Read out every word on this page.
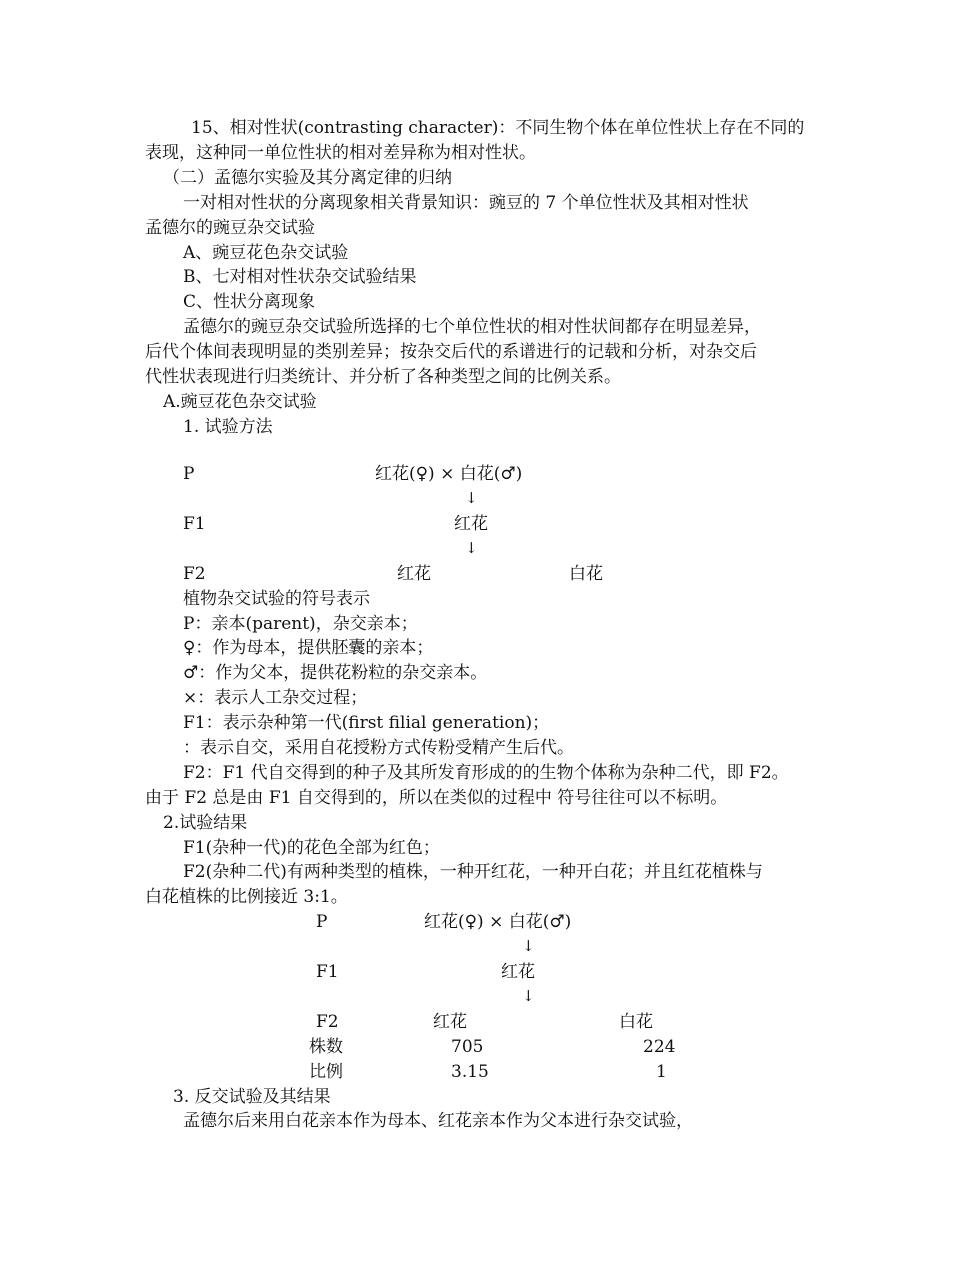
15、相对性状(contrasting character)：不同生物个体在单位性状上存在不同的
表现，这种同一单位性状的相对差异称为相对性状。
（二）孟德尔实验及其分离定律的归纳
一对相对性状的分离现象相关背景知识：豌豆的 7 个单位性状及其相对性状
孟德尔的豌豆杂交试验
A、豌豆花色杂交试验
B、七对相对性状杂交试验结果
C、性状分离现象
孟德尔的豌豆杂交试验所选择的七个单位性状的相对性状间都存在明显差异，
后代个体间表现明显的类别差异；按杂交后代的系谱进行的记载和分析，对杂交后
代性状表现进行归类统计、并分析了各种类型之间的比例关系。
A.豌豆花色杂交试验
1. 试验方法
P	红花(♀) × 白花(♂)
↓
F1	红花
↓
F2	红花	白花
植物杂交试验的符号表示
P：亲本(parent)，杂交亲本；
♀：作为母本，提供胚囊的亲本；
♂：作为父本，提供花粉粒的杂交亲本。
×：表示人工杂交过程；
F1：表示杂种第一代(first filial generation)；
：表示自交，采用自花授粉方式传粉受精产生后代。
F2：F1 代自交得到的种子及其所发育形成的的生物个体称为杂种二代，即 F2。
由于 F2 总是由 F1 自交得到的，所以在类似的过程中 符号往往可以不标明。
2.试验结果
F1(杂种一代)的花色全部为红色；
F2(杂种二代)有两种类型的植株，一种开红花，一种开白花；并且红花植株与
白花植株的比例接近 3:1。
P	红花(♀) × 白花(♂)
↓
F1	红花
↓
F2	红花	白花
株数	705	224
比例	3.15	1
3. 反交试验及其结果
孟德尔后来用白花亲本作为母本、红花亲本作为父本进行杂交试验，
